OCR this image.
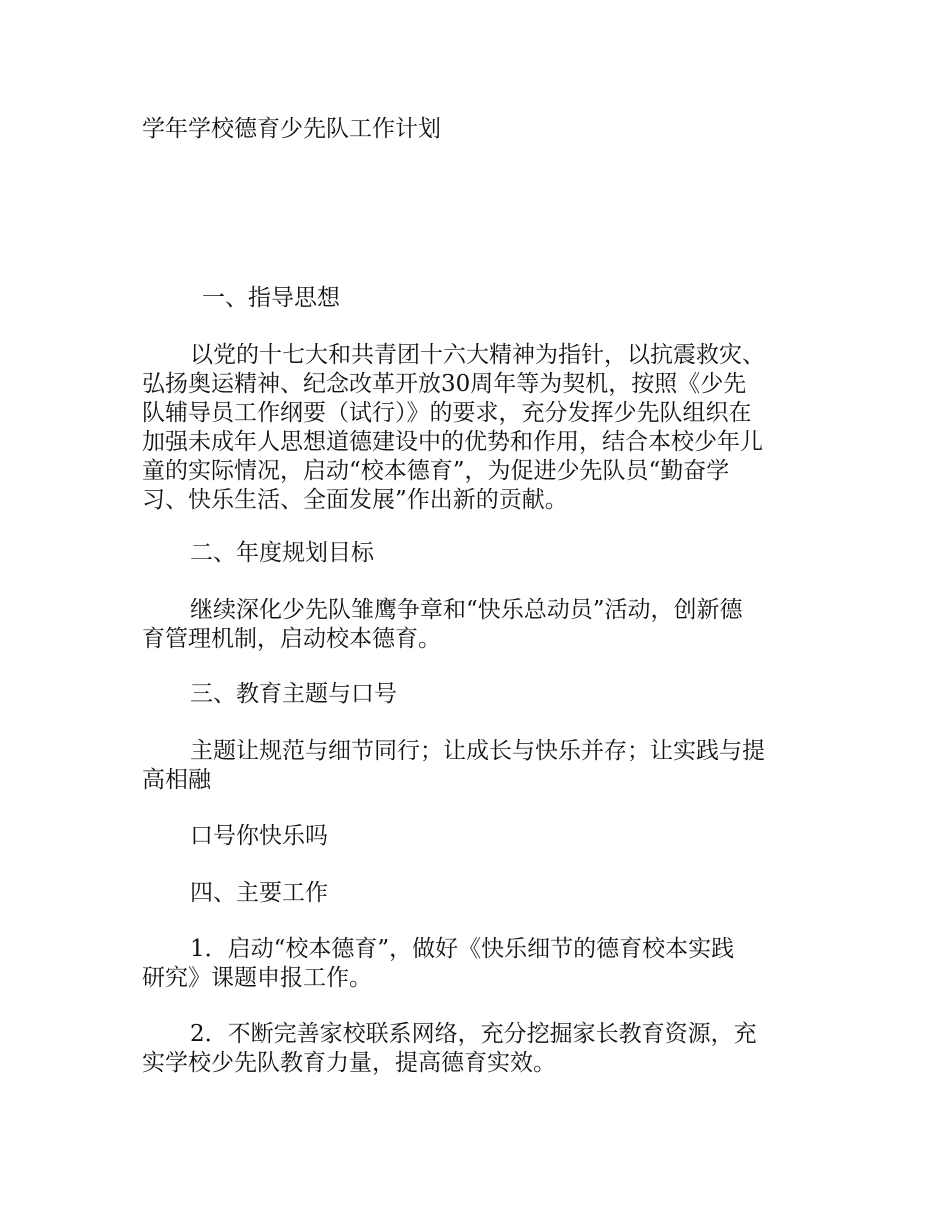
学年学校德育少先队工作计划
一、指导思想
以党的十七大和共青团十六大精神为指针，以抗震救灾、
弘扬奥运精神、纪念改革开放30周年等为契机，按照《少先
队辅导员工作纲要（试行）》的要求，充分发挥少先队组织在
加强未成年人思想道德建设中的优势和作用，结合本校少年儿
童的实际情况，启动“校本德育”，为促进少先队员“勤奋学
习、快乐生活、全面发展”作出新的贡献。
二、年度规划目标
继续深化少先队雏鹰争章和“快乐总动员”活动，创新德
育管理机制，启动校本德育。
三、教育主题与口号
主题让规范与细节同行；让成长与快乐并存；让实践与提
高相融
口号你快乐吗
四、主要工作
1．启动“校本德育”，做好《快乐细节的德育校本实践
研究》课题申报工作。
2．不断完善家校联系网络，充分挖掘家长教育资源，充
实学校少先队教育力量，提高德育实效。
